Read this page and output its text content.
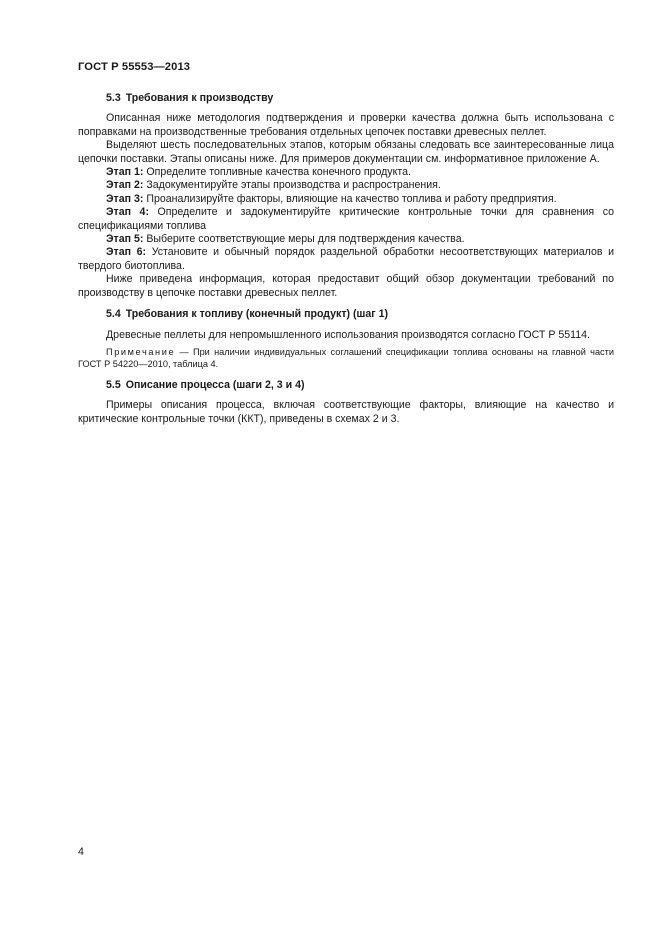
ГОСТ Р 55553—2013
5.3 Требования к производству

Описанная ниже методология подтверждения и проверки качества должна быть использована с поправками на производственные требования отдельных цепочек поставки древесных пеллет.

Выделяют шесть последовательных этапов, которым обязаны следовать все заинтересованные лица цепочки поставки. Этапы описаны ниже. Для примеров документации см. информативное приложение А.

Этап 1: Определите топливные качества конечного продукта.
Этап 2: Задокументируйте этапы производства и распространения.
Этап 3: Проанализируйте факторы, влияющие на качество топлива и работу предприятия.

Этап 4: Определите и задокументируйте критические контрольные точки для сравнения со спецификациями топлива

Этап 5: Выберите соответствующие меры для подтверждения качества.

Этап 6: Установите и обычный порядок раздельной обработки несоответствующих материалов и твердого биотоплива.

Ниже приведена информация, которая предоставит общий обзор документации требований по производству в цепочке поставки древесных пеллет.

5.4 Требования к топливу (конечный продукт) (шаг 1)

Древесные пеллеты для непромышленного использования производятся согласно ГОСТ Р 55114.

Примечание — При наличии индивидуальных соглашений спецификации топлива основаны на главной части ГОСТ Р 54220—2010, таблица 4.

5.5 Описание процесса (шаги 2, 3 и 4)

Примеры описания процесса, включая соответствующие факторы, влияющие на качество и критические контрольные точки (ККТ), приведены в схемах 2 и 3.

4
